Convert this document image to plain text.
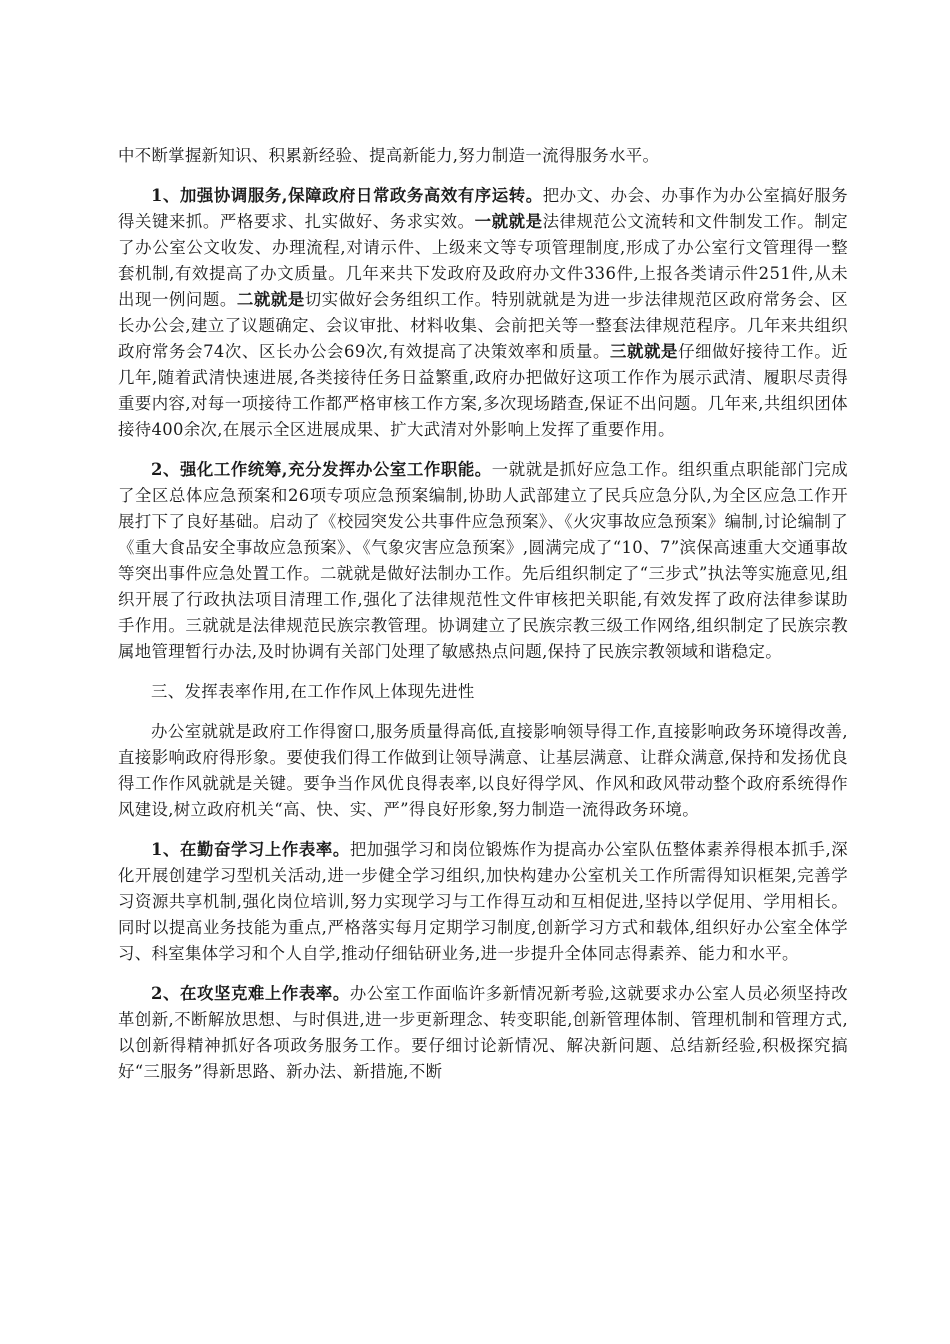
中不断掌握新知识、积累新经验、提高新能力,努力制造一流得服务水平。

1、加强协调服务,保障政府日常政务高效有序运转。把办文、办会、办事作为办公室搞好服务得关键来抓。严格要求、扎实做好、务求实效。一就就是法律规范公文流转和文件制发工作。制定了办公室公文收发、办理流程,对请示件、上级来文等专项管理制度,形成了办公室行文管理得一整套机制,有效提高了办文质量。几年来共下发政府及政府办文件336件,上报各类请示件251件,从未出现一例问题。二就就是切实做好会务组织工作。特别就就是为进一步法律规范区政府常务会、区长办公会,建立了议题确定、会议审批、材料收集、会前把关等一整套法律规范程序。几年来共组织政府常务会74次、区长办公会69次,有效提高了决策效率和质量。三就就是仔细做好接待工作。近几年,随着武清快速进展,各类接待任务日益繁重,政府办把做好这项工作作为展示武清、履职尽责得重要内容,对每一项接待工作都严格审核工作方案,多次现场踏查,保证不出问题。几年来,共组织团体接待400余次,在展示全区进展成果、扩大武清对外影响上发挥了重要作用。

2、强化工作统筹,充分发挥办公室工作职能。一就就是抓好应急工作。组织重点职能部门完成了全区总体应急预案和26项专项应急预案编制,协助人武部建立了民兵应急分队,为全区应急工作开展打下了良好基础。启动了《校园突发公共事件应急预案》、《火灾事故应急预案》编制,讨论编制了《重大食品安全事故应急预案》、《气象灾害应急预案》,圆满完成了“10、7”滨保高速重大交通事故等突出事件应急处置工作。二就就是做好法制办工作。先后组织制定了“三步式”执法等实施意见,组织开展了行政执法项目清理工作,强化了法律规范性文件审核把关职能,有效发挥了政府法律参谋助手作用。三就就是法律规范民族宗教管理。协调建立了民族宗教三级工作网络,组织制定了民族宗教属地管理暂行办法,及时协调有关部门处理了敏感热点问题,保持了民族宗教领域和谐稳定。

三、发挥表率作用,在工作作风上体现先进性

办公室就就是政府工作得窗口,服务质量得高低,直接影响领导得工作,直接影响政务环境得改善,直接影响政府得形象。要使我们得工作做到让领导满意、让基层满意、让群众满意,保持和发扬优良得工作作风就就是关键。要争当作风优良得表率,以良好得学风、作风和政风带动整个政府系统得作风建设,树立政府机关“高、快、实、严”得良好形象,努力制造一流得政务环境。

1、在勤奋学习上作表率。把加强学习和岗位锻炼作为提高办公室队伍整体素养得根本抓手,深化开展创建学习型机关活动,进一步健全学习组织,加快构建办公室机关工作所需得知识框架,完善学习资源共享机制,强化岗位培训,努力实现学习与工作得互动和互相促进,坚持以学促用、学用相长。同时以提高业务技能为重点,严格落实每月定期学习制度,创新学习方式和载体,组织好办公室全体学习、科室集体学习和个人自学,推动仔细钻研业务,进一步提升全体同志得素养、能力和水平。

2、在攻坚克难上作表率。办公室工作面临许多新情况新考验,这就要求办公室人员必须坚持改革创新,不断解放思想、与时俱进,进一步更新理念、转变职能,创新管理体制、管理机制和管理方式,以创新得精神抓好各项政务服务工作。要仔细讨论新情况、解决新问题、总结新经验,积极探究搞好“三服务”得新思路、新办法、新措施,不断
